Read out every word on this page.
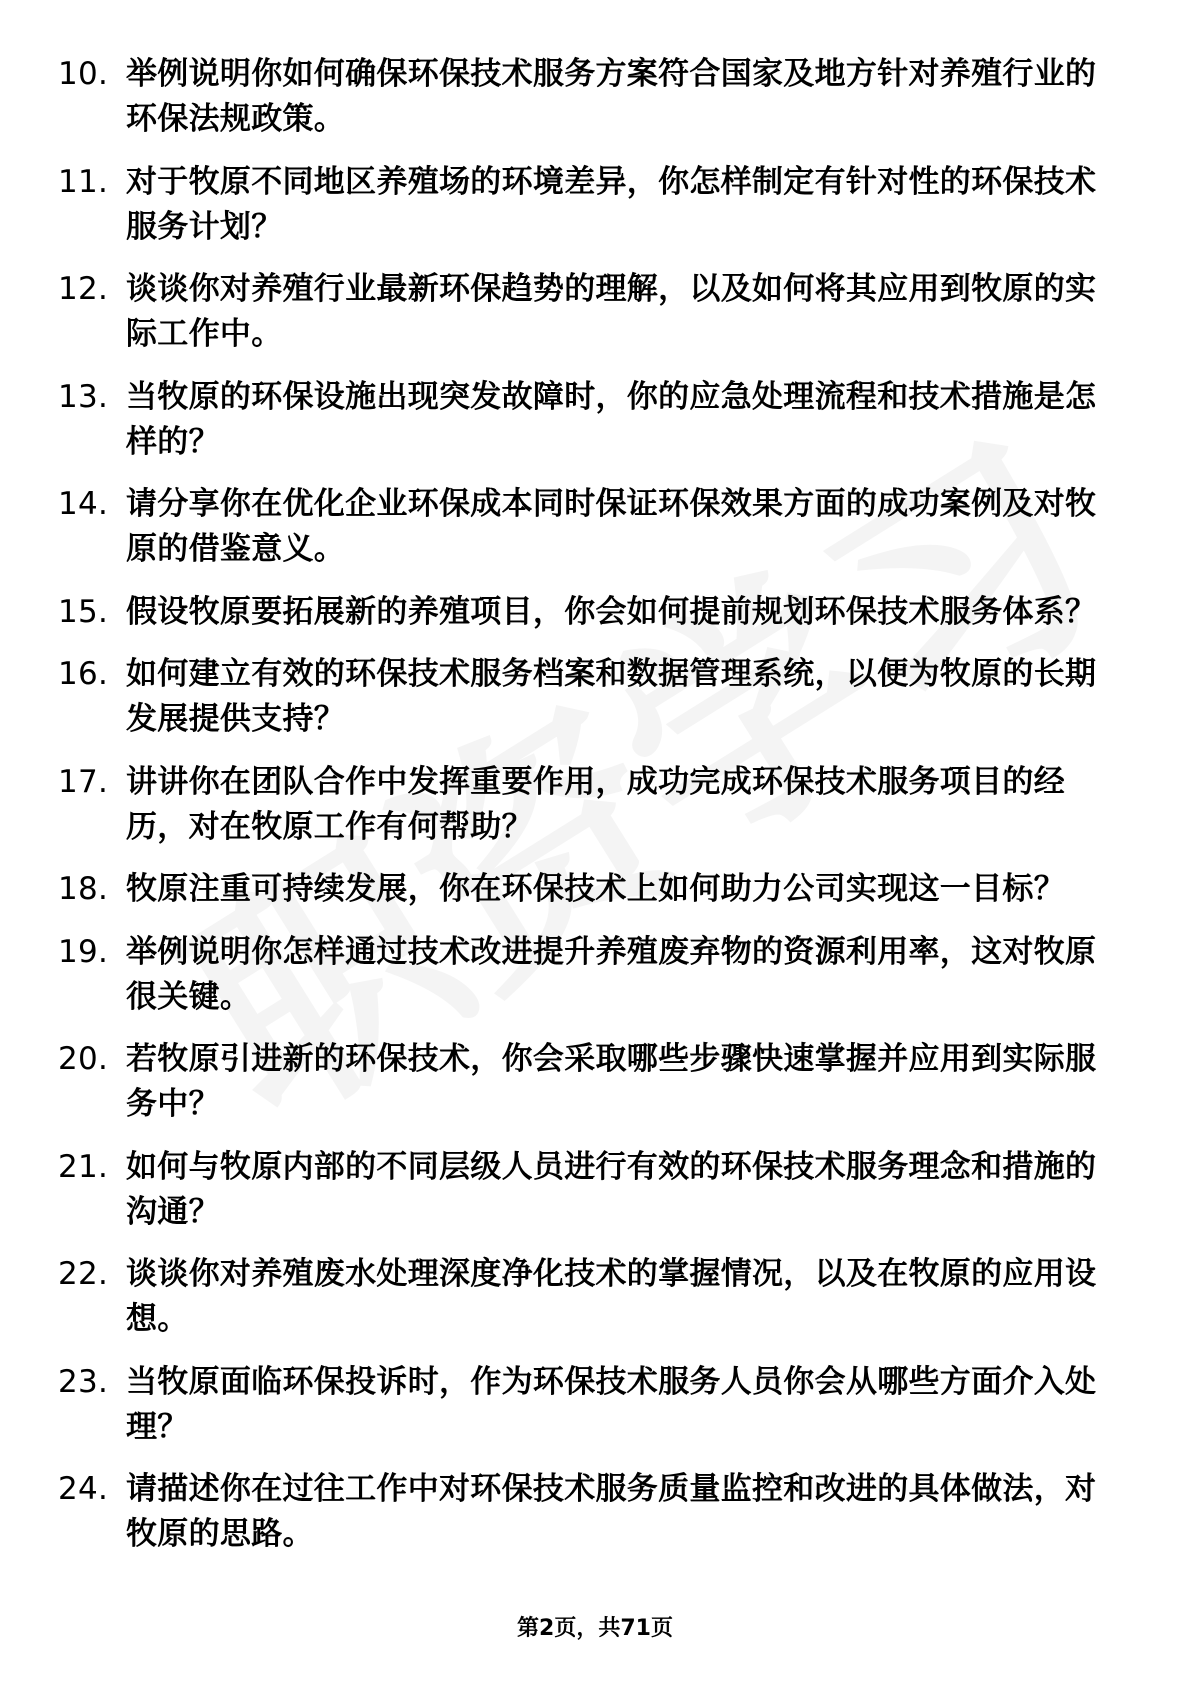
10. 举例说明你如何确保环保技术服务方案符合国家及地方针对养殖行业的环保法规政策。
11. 对于牧原不同地区养殖场的环境差异，你怎样制定有针对性的环保技术服务计划？
12. 谈谈你对养殖行业最新环保趋势的理解，以及如何将其应用到牧原的实际工作中。
13. 当牧原的环保设施出现突发故障时，你的应急处理流程和技术措施是怎样的？
14. 请分享你在优化企业环保成本同时保证环保效果方面的成功案例及对牧原的借鉴意义。
15. 假设牧原要拓展新的养殖项目，你会如何提前规划环保技术服务体系？
16. 如何建立有效的环保技术服务档案和数据管理系统，以便为牧原的长期发展提供支持？
17. 讲讲你在团队合作中发挥重要作用，成功完成环保技术服务项目的经历，对在牧原工作有何帮助？
18. 牧原注重可持续发展，你在环保技术上如何助力公司实现这一目标？
19. 举例说明你怎样通过技术改进提升养殖废弃物的资源利用率，这对牧原很关键。
20. 若牧原引进新的环保技术，你会采取哪些步骤快速掌握并应用到实际服务中？
21. 如何与牧原内部的不同层级人员进行有效的环保技术服务理念和措施的沟通？
22. 谈谈你对养殖废水处理深度净化技术的掌握情况，以及在牧原的应用设想。
23. 当牧原面临环保投诉时，作为环保技术服务人员你会从哪些方面介入处理？
24. 请描述你在过往工作中对环保技术服务质量监控和改进的具体做法，对牧原的思路。
第2页，共71页
